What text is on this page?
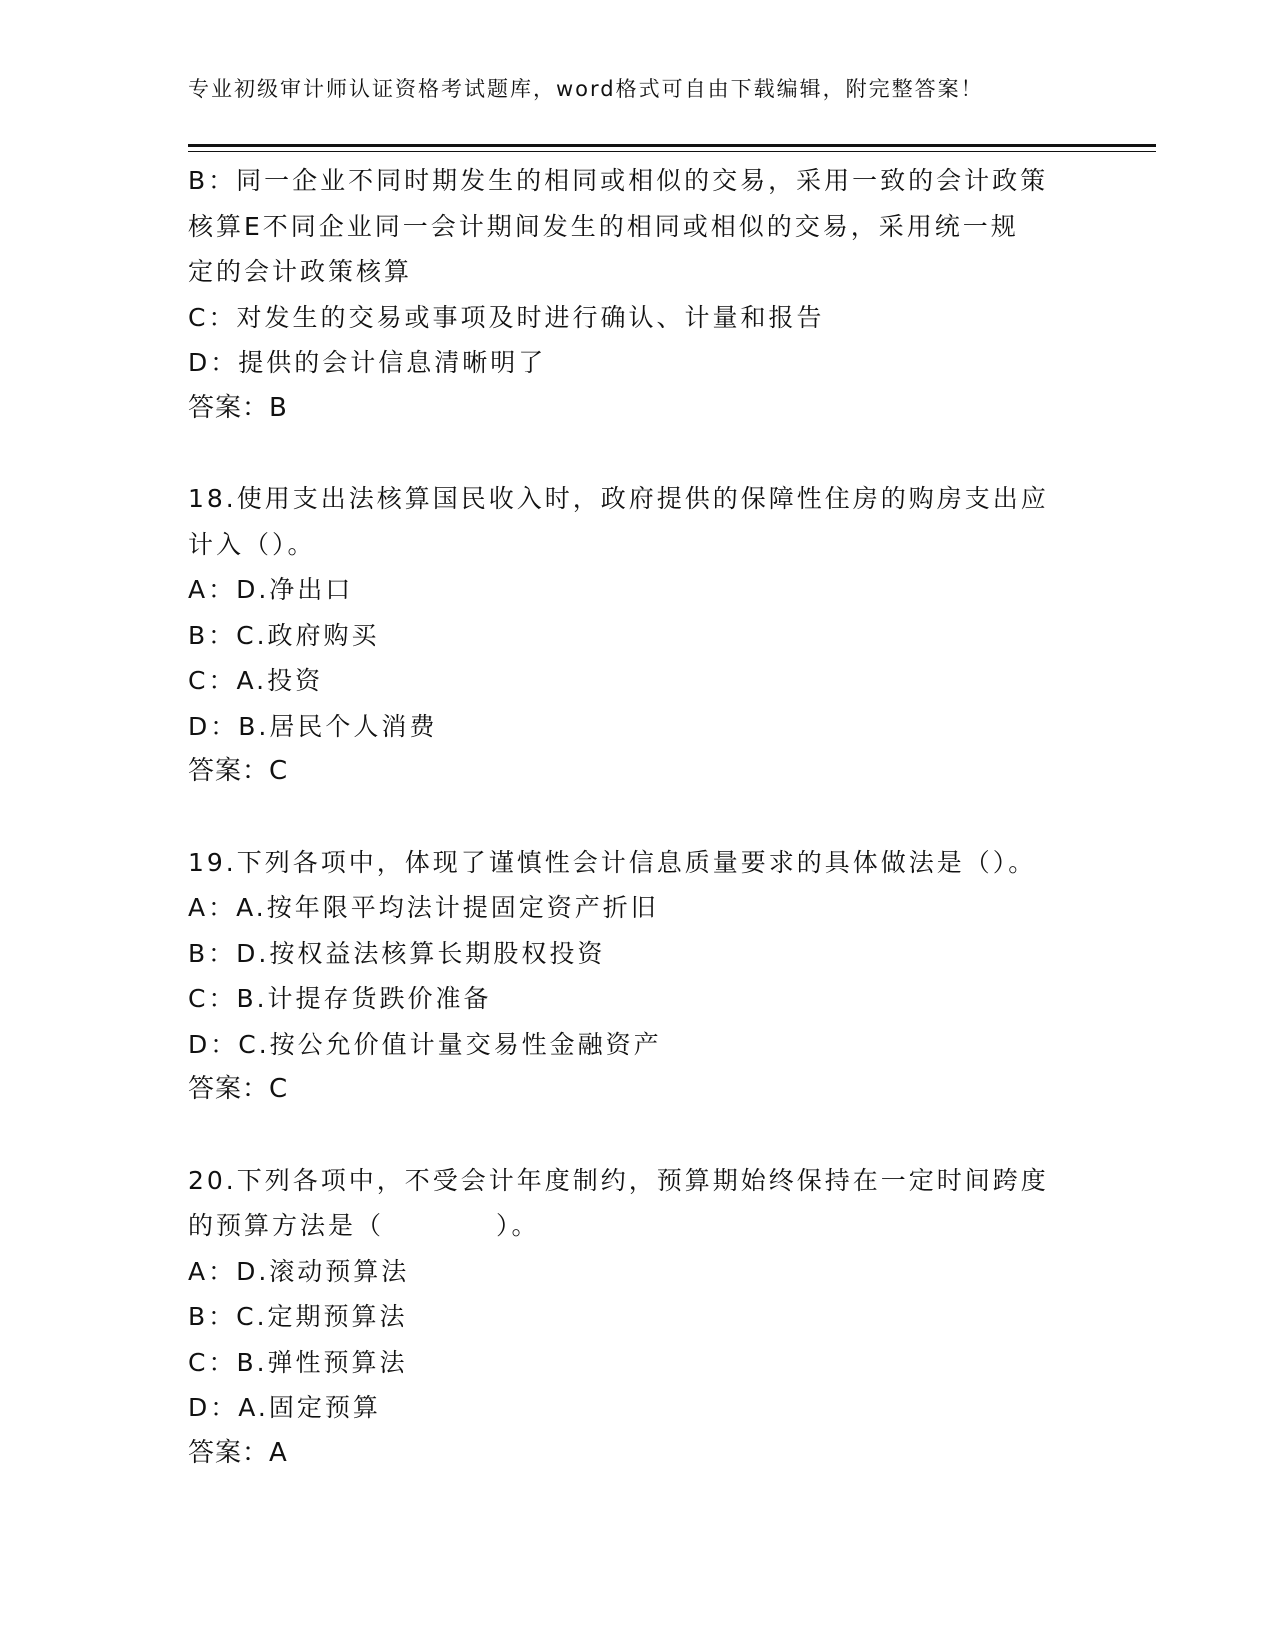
专业初级审计师认证资格考试题库，word格式可自由下载编辑，附完整答案！
B：同一企业不同时期发生的相同或相似的交易，采用一致的会计政策
核算E不同企业同一会计期间发生的相同或相似的交易，采用统一规
定的会计政策核算
C：对发生的交易或事项及时进行确认、计量和报告
D：提供的会计信息清晰明了
答案：B
18.使用支出法核算国民收入时，政府提供的保障性住房的购房支出应
计入（）。
A：D.净出口
B：C.政府购买
C：A.投资
D：B.居民个人消费
答案：C
19.下列各项中，体现了谨慎性会计信息质量要求的具体做法是（）。
A：A.按年限平均法计提固定资产折旧
B：D.按权益法核算长期股权投资
C：B.计提存货跌价准备
D：C.按公允价值计量交易性金融资产
答案：C
20.下列各项中，不受会计年度制约，预算期始终保持在一定时间跨度
的预算方法是（　　　　）。
A：D.滚动预算法
B：C.定期预算法
C：B.弹性预算法
D：A.固定预算
答案：A
